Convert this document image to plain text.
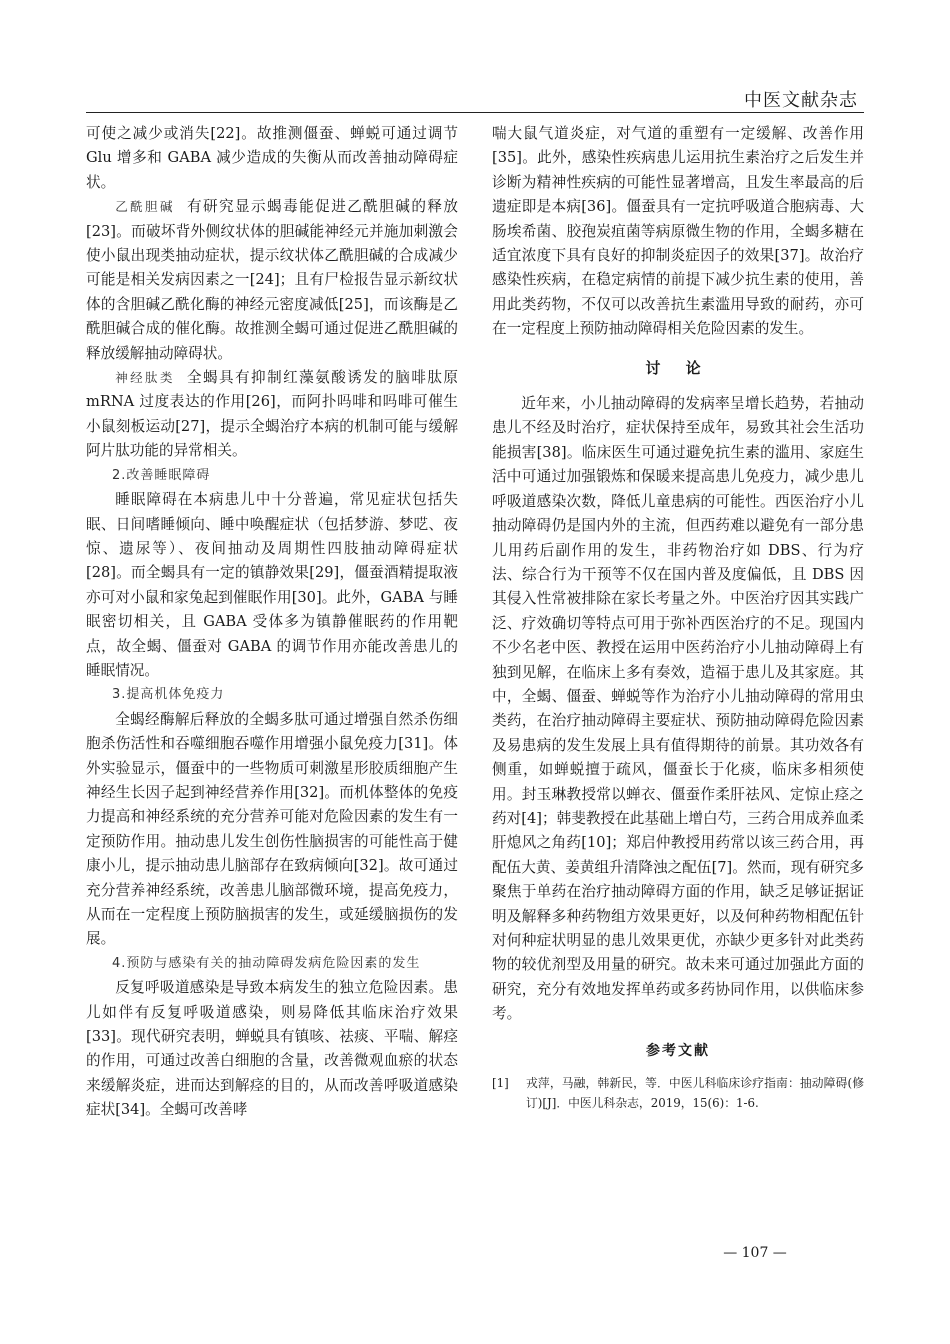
中医文献杂志

可使之减少或消失[22]。故推测僵蚕、蝉蜕可通过调节 Glu 增多和 GABA 减少造成的失衡从而改善抽动障碍症状。

乙酰胆碱 有研究显示蝎毒能促进乙酰胆碱的释放[23]。而破坏背外侧纹状体的胆碱能神经元并施加刺激会使小鼠出现类抽动症状，提示纹状体乙酰胆碱的合成减少可能是相关发病因素之一[24]；且有尸检报告显示新纹状体的含胆碱乙酰化酶的神经元密度减低[25]，而该酶是乙酰胆碱合成的催化酶。故推测全蝎可通过促进乙酰胆碱的释放缓解抽动障碍状。

神经肽类 全蝎具有抑制红藻氨酸诱发的脑啡肽原 mRNA 过度表达的作用[26]，而阿扑吗啡和吗啡可催生小鼠刻板运动[27]，提示全蝎治疗本病的机制可能与缓解阿片肽功能的异常相关。

2.改善睡眠障碍

睡眠障碍在本病患儿中十分普遍，常见症状包括失眠、日间嗜睡倾向、睡中唤醒症状（包括梦游、梦呓、夜惊、遗尿等）、夜间抽动及周期性四肢抽动障碍症状[28]。而全蝎具有一定的镇静效果[29]，僵蚕酒精提取液亦可对小鼠和家兔起到催眠作用[30]。此外，GABA 与睡眠密切相关，且 GABA 受体多为镇静催眠药的作用靶点，故全蝎、僵蚕对 GABA 的调节作用亦能改善患儿的睡眠情况。

3.提高机体免疫力

全蝎经酶解后释放的全蝎多肽可通过增强自然杀伤细胞杀伤活性和吞噬细胞吞噬作用增强小鼠免疫力[31]。体外实验显示，僵蚕中的一些物质可刺激星形胶质细胞产生神经生长因子起到神经营养作用[32]。而机体整体的免疫力提高和神经系统的充分营养可能对危险因素的发生有一定预防作用。抽动患儿发生创伤性脑损害的可能性高于健康小儿，提示抽动患儿脑部存在致病倾向[32]。故可通过充分营养神经系统，改善患儿脑部微环境，提高免疫力，从而在一定程度上预防脑损害的发生，或延缓脑损伤的发展。

4.预防与感染有关的抽动障碍发病危险因素的发生

反复呼吸道感染是导致本病发生的独立危险因素。患儿如伴有反复呼吸道感染，则易降低其临床治疗效果[33]。现代研究表明，蝉蜕具有镇咳、祛痰、平喘、解痉的作用，可通过改善白细胞的含量，改善微观血瘀的状态来缓解炎症，进而达到解痉的目的，从而改善呼吸道感染症状[34]。全蝎可改善哮

喘大鼠气道炎症，对气道的重塑有一定缓解、改善作用[35]。此外，感染性疾病患儿运用抗生素治疗之后发生并诊断为精神性疾病的可能性显著增高，且发生率最高的后遗症即是本病[36]。僵蚕具有一定抗呼吸道合胞病毒、大肠埃希菌、胶孢炭疽菌等病原微生物的作用，全蝎多糖在适宜浓度下具有良好的抑制炎症因子的效果[37]。故治疗感染性疾病，在稳定病情的前提下减少抗生素的使用，善用此类药物，不仅可以改善抗生素滥用导致的耐药，亦可在一定程度上预防抽动障碍相关危险因素的发生。

讨 论

近年来，小儿抽动障碍的发病率呈增长趋势，若抽动患儿不经及时治疗，症状保持至成年，易致其社会生活功能损害[38]。临床医生可通过避免抗生素的滥用、家庭生活中可通过加强锻炼和保暖来提高患儿免疫力，减少患儿呼吸道感染次数，降低儿童患病的可能性。西医治疗小儿抽动障碍仍是国内外的主流，但西药难以避免有一部分患儿用药后副作用的发生，非药物治疗如 DBS、行为疗法、综合行为干预等不仅在国内普及度偏低，且 DBS 因其侵入性常被排除在家长考量之外。中医治疗因其实践广泛、疗效确切等特点可用于弥补西医治疗的不足。现国内不少名老中医、教授在运用中医药治疗小儿抽动障碍上有独到见解，在临床上多有奏效，造福于患儿及其家庭。其中，全蝎、僵蚕、蝉蜕等作为治疗小儿抽动障碍的常用虫类药，在治疗抽动障碍主要症状、预防抽动障碍危险因素及易患病的发生发展上具有值得期待的前景。其功效各有侧重，如蝉蜕擅于疏风，僵蚕长于化痰，临床多相须使用。封玉琳教授常以蝉衣、僵蚕作柔肝祛风、定惊止痉之药对[4]；韩斐教授在此基础上增白芍，三药合用成养血柔肝熄风之角药[10]；郑启仲教授用药常以该三药合用，再配伍大黄、姜黄组升清降浊之配伍[7]。然而，现有研究多聚焦于单药在治疗抽动障碍方面的作用，缺乏足够证据证明及解释多种药物组方效果更好，以及何种药物相配伍针对何种症状明显的患儿效果更优，亦缺少更多针对此类药物的较优剂型及用量的研究。故未来可通过加强此方面的研究，充分有效地发挥单药或多药协同作用，以供临床参考。

参考文献
[1]	戎萍，马融，韩新民，等．中医儿科临床诊疗指南：抽动障碍(修订)[J]．中医儿科杂志，2019，15(6)：1-6.
— 107 —
